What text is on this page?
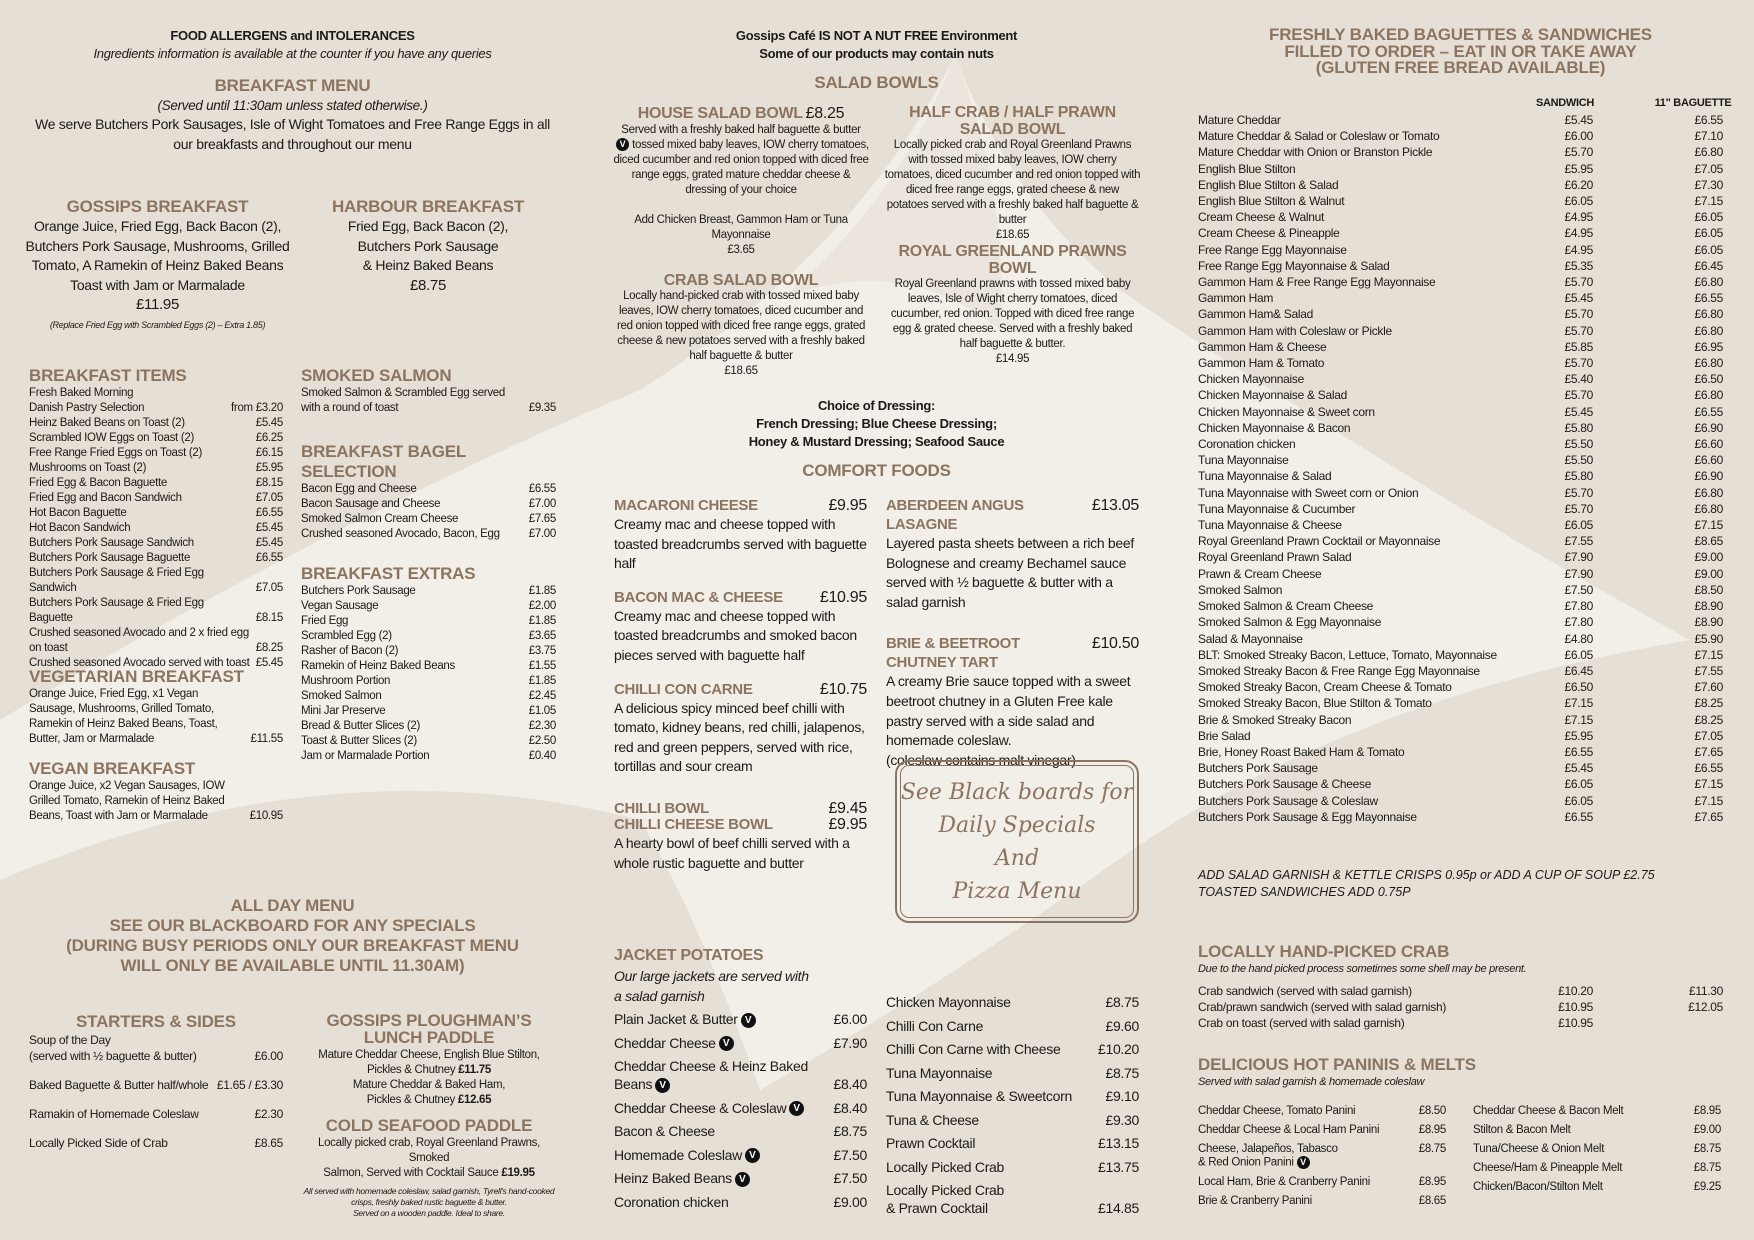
FOOD ALLERGENS and INTOLERANCES
Ingredients information is available at the counter if you have any queries
BREAKFAST MENU
(Served until 11:30am unless stated otherwise.)
We serve Butchers Pork Sausages, Isle of Wight Tomatoes and Free Range Eggs in all our breakfasts and throughout our menu
GOSSIPS BREAKFAST
Orange Juice, Fried Egg, Back Bacon (2),
Butchers Pork Sausage, Mushrooms, Grilled
Tomato, A Ramekin of Heinz Baked Beans
Toast with Jam or Marmalade
£11.95
(Replace Fried Egg with Scrambled Eggs (2) – Extra 1.85)
HARBOUR BREAKFAST
Fried Egg, Back Bacon (2),
Butchers Pork Sausage
& Heinz Baked Beans
£8.75
BREAKFAST ITEMS
Fresh Baked Morning
Danish Pastry Selection	from £3.20
Heinz Baked Beans on Toast (2)	£5.45
Scrambled IOW Eggs on Toast (2)	£6.25
Free Range Fried Eggs on Toast (2)	£6.15
Mushrooms on Toast (2)	£5.95
Fried Egg & Bacon Baguette	£8.15
Fried Egg and Bacon Sandwich	£7.05
Hot Bacon Baguette	£6.55
Hot Bacon Sandwich	£5.45
Butchers Pork Sausage Sandwich	£5.45
Butchers Pork Sausage Baguette	£6.55
Butchers Pork Sausage & Fried Egg Sandwich	£7.05
Butchers Pork Sausage & Fried Egg Baguette	£8.15
Crushed seasoned Avocado and 2 x fried egg on toast	£8.25
Crushed seasoned Avocado served with toast £5.45
SMOKED SALMON
Smoked Salmon & Scrambled Egg served with a round of toast	£9.35
BREAKFAST BAGEL SELECTION
Bacon Egg and Cheese	£6.55
Bacon Sausage and Cheese	£7.00
Smoked Salmon Cream Cheese	£7.65
Crushed seasoned Avocado, Bacon, Egg	£7.00
BREAKFAST EXTRAS
Butchers Pork Sausage	£1.85
Vegan Sausage	£2.00
Fried Egg	£1.85
Scrambled Egg (2)	£3.65
Rasher of Bacon (2)	£3.75
Ramekin of Heinz Baked Beans	£1.55
Mushroom Portion	£1.85
Smoked Salmon	£2.45
Mini Jar Preserve	£1.05
Bread & Butter Slices (2)	£2.30
Toast & Butter Slices (2)	£2.50
Jam or Marmalade Portion	£0.40
VEGETARIAN BREAKFAST
Orange Juice, Fried Egg, x1 Vegan Sausage, Mushrooms, Grilled Tomato, Ramekin of Heinz Baked Beans, Toast, Butter, Jam or Marmalade	£11.55
VEGAN BREAKFAST
Orange Juice, x2 Vegan Sausages, IOW Grilled Tomato, Ramekin of Heinz Baked Beans, Toast with Jam or Marmalade	£10.95
ALL DAY MENU
SEE OUR BLACKBOARD FOR ANY SPECIALS
(DURING BUSY PERIODS ONLY OUR BREAKFAST MENU
WILL ONLY BE AVAILABLE UNTIL 11.30AM)
STARTERS & SIDES
Soup of the Day
(served with ½ baguette & butter)	£6.00
Baked Baguette & Butter half/whole £1.65 / £3.30
Ramakin of Homemade Coleslaw	£2.30
Locally Picked Side of Crab	£8.65
GOSSIPS PLOUGHMAN’S
LUNCH PADDLE
Mature Cheddar Cheese, English Blue Stilton,
Pickles & Chutney £11.75
Mature Cheddar & Baked Ham,
Pickles & Chutney £12.65
COLD SEAFOOD PADDLE
Locally picked crab, Royal Greenland Prawns, Smoked
Salmon, Served with Cocktail Sauce £19.95
All served with homemade coleslaw, salad garnish, Tyrell's hand-cooked
crisps, freshly baked rustic baguette & butter.
Served on a wooden paddle. Ideal to share.
Gossips Café IS NOT A NUT FREE Environment
Some of our products may contain nuts
SALAD BOWLS
HOUSE SALAD BOWL £8.25
Served with a freshly baked half baguette & butter
V tossed mixed baby leaves, IOW cherry tomatoes, diced cucumber and red onion topped with diced free range eggs, grated mature cheddar cheese & dressing of your choice
Add Chicken Breast, Gammon Ham or Tuna Mayonnaise
£3.65
CRAB SALAD BOWL
Locally hand-picked crab with tossed mixed baby leaves, IOW cherry tomatoes, diced cucumber and red onion topped with diced free range eggs, grated cheese & new potatoes served with a freshly baked half baguette & butter
£18.65
HALF CRAB / HALF PRAWN
SALAD BOWL
Locally picked crab and Royal Greenland Prawns with tossed mixed baby leaves, IOW cherry tomatoes, diced cucumber and red onion topped with diced free range eggs, grated cheese & new potatoes served with a freshly baked half baguette & butter
£18.65
ROYAL GREENLAND PRAWNS BOWL
Royal Greenland prawns with tossed mixed baby leaves, Isle of Wight cherry tomatoes, diced cucumber, red onion. Topped with diced free range egg & grated cheese. Served with a freshly baked half baguette & butter.
£14.95
Choice of Dressing:
French Dressing; Blue Cheese Dressing;
Honey & Mustard Dressing; Seafood Sauce
COMFORT FOODS
MACARONI CHEESE	£9.95
Creamy mac and cheese topped with toasted breadcrumbs served with baguette half
BACON MAC & CHEESE £10.95
Creamy mac and cheese topped with toasted breadcrumbs and smoked bacon pieces served with baguette half
CHILLI CON CARNE	£10.75
A delicious spicy minced beef chilli with tomato, kidney beans, red chilli, jalapenos, red and green peppers, served with rice, tortillas and sour cream
CHILLI BOWL	£9.45
CHILLI CHEESE BOWL	£9.95
A hearty bowl of beef chilli served with a whole rustic baguette and butter
ABERDEEN ANGUS LASAGNE
£13.05
Layered pasta sheets between a rich beef Bolognese and creamy Bechamel sauce served with ½ baguette & butter with a salad garnish
BRIE & BEETROOT CHUTNEY TART
£10.50
A creamy Brie sauce topped with a sweet beetroot chutney in a Gluten Free kale pastry served with a side salad and homemade coleslaw.
(coleslaw contains malt vinegar)
See Black boards for
Daily Specials
And
Pizza Menu
JACKET POTATOES
Our large jackets are served with
a salad garnish
Plain Jacket & Butter V	£6.00
Cheddar Cheese V	£7.90
Cheddar Cheese & Heinz Baked Beans V	£8.40
Cheddar Cheese & Coleslaw V	£8.40
Bacon & Cheese	£8.75
Homemade Coleslaw V	£7.50
Heinz Baked Beans V	£7.50
Coronation chicken	£9.00
Chicken Mayonnaise	£8.75
Chilli Con Carne	£9.60
Chilli Con Carne with Cheese	£10.20
Tuna Mayonnaise	£8.75
Tuna Mayonnaise & Sweetcorn	£9.10
Tuna & Cheese	£9.30
Prawn Cocktail	£13.15
Locally Picked Crab	£13.75
Locally Picked Crab
& Prawn Cocktail	£14.85
FRESHLY BAKED BAGUETTES & SANDWICHES
FILLED TO ORDER – EAT IN OR TAKE AWAY
(GLUTEN FREE BREAD AVAILABLE)
SANDWICH	11" BAGUETTE
Mature Cheddar	£5.45	£6.55
Mature Cheddar & Salad or Coleslaw or Tomato	£6.00	£7.10
Mature Cheddar with Onion or Branston Pickle	£5.70	£6.80
English Blue Stilton	£5.95	£7.05
English Blue Stilton & Salad	£6.20	£7.30
English Blue Stilton & Walnut	£6.05	£7.15
Cream Cheese & Walnut	£4.95	£6.05
Cream Cheese & Pineapple	£4.95	£6.05
Free Range Egg Mayonnaise	£4.95	£6.05
Free Range Egg Mayonnaise & Salad	£5.35	£6.45
Gammon Ham & Free Range Egg Mayonnaise	£5.70	£6.80
Gammon Ham	£5.45	£6.55
Gammon Ham& Salad	£5.70	£6.80
Gammon Ham with Coleslaw or Pickle	£5.70	£6.80
Gammon Ham & Cheese	£5.85	£6.95
Gammon Ham & Tomato	£5.70	£6.80
Chicken Mayonnaise	£5.40	£6.50
Chicken Mayonnaise & Salad	£5.70	£6.80
Chicken Mayonnaise & Sweet corn	£5.45	£6.55
Chicken Mayonnaise & Bacon	£5.80	£6.90
Coronation chicken	£5.50	£6.60
Tuna Mayonnaise	£5.50	£6.60
Tuna Mayonnaise & Salad	£5.80	£6.90
Tuna Mayonnaise with Sweet corn or Onion	£5.70	£6.80
Tuna Mayonnaise & Cucumber	£5.70	£6.80
Tuna Mayonnaise & Cheese	£6.05	£7.15
Royal Greenland Prawn Cocktail or Mayonnaise	£7.55	£8.65
Royal Greenland Prawn Salad	£7.90	£9.00
Prawn & Cream Cheese	£7.90	£9.00
Smoked Salmon	£7.50	£8.50
Smoked Salmon & Cream Cheese	£7.80	£8.90
Smoked Salmon & Egg Mayonnaise	£7.80	£8.90
Salad & Mayonnaise	£4.80	£5.90
BLT: Smoked Streaky Bacon, Lettuce, Tomato, Mayonnaise	£6.05	£7.15
Smoked Streaky Bacon & Free Range Egg Mayonnaise	£6.45	£7.55
Smoked Streaky Bacon, Cream Cheese & Tomato	£6.50	£7.60
Smoked Streaky Bacon, Blue Stilton & Tomato	£7.15	£8.25
Brie & Smoked Streaky Bacon	£7.15	£8.25
Brie Salad	£5.95	£7.05
Brie, Honey Roast Baked Ham & Tomato	£6.55	£7.65
Butchers Pork Sausage	£5.45	£6.55
Butchers Pork Sausage & Cheese	£6.05	£7.15
Butchers Pork Sausage & Coleslaw	£6.05	£7.15
Butchers Pork Sausage & Egg Mayonnaise	£6.55	£7.65
ADD SALAD GARNISH & KETTLE CRISPS 0.95p or ADD A CUP OF SOUP £2.75
TOASTED SANDWICHES ADD 0.75P
LOCALLY HAND-PICKED CRAB
Due to the hand picked process sometimes some shell may be present.
Crab sandwich (served with salad garnish)	£10.20	£11.30
Crab/prawn sandwich (served with salad garnish)	£10.95	£12.05
Crab on toast (served with salad garnish)	£10.95
DELICIOUS HOT PANINIS & MELTS
Served with salad garnish & homemade coleslaw
Cheddar Cheese, Tomato Panini	£8.50
Cheddar Cheese & Local Ham Panini	£8.95
Cheese, Jalapeños, Tabasco
& Red Onion Panini V
£8.75
Local Ham, Brie & Cranberry Panini	£8.95
Brie & Cranberry Panini	£8.65
Cheddar Cheese & Bacon Melt	£8.95
Stilton & Bacon Melt	£9.00
Tuna/Cheese & Onion Melt	£8.75
Cheese/Ham & Pineapple Melt	£8.75
Chicken/Bacon/Stilton Melt	£9.25
